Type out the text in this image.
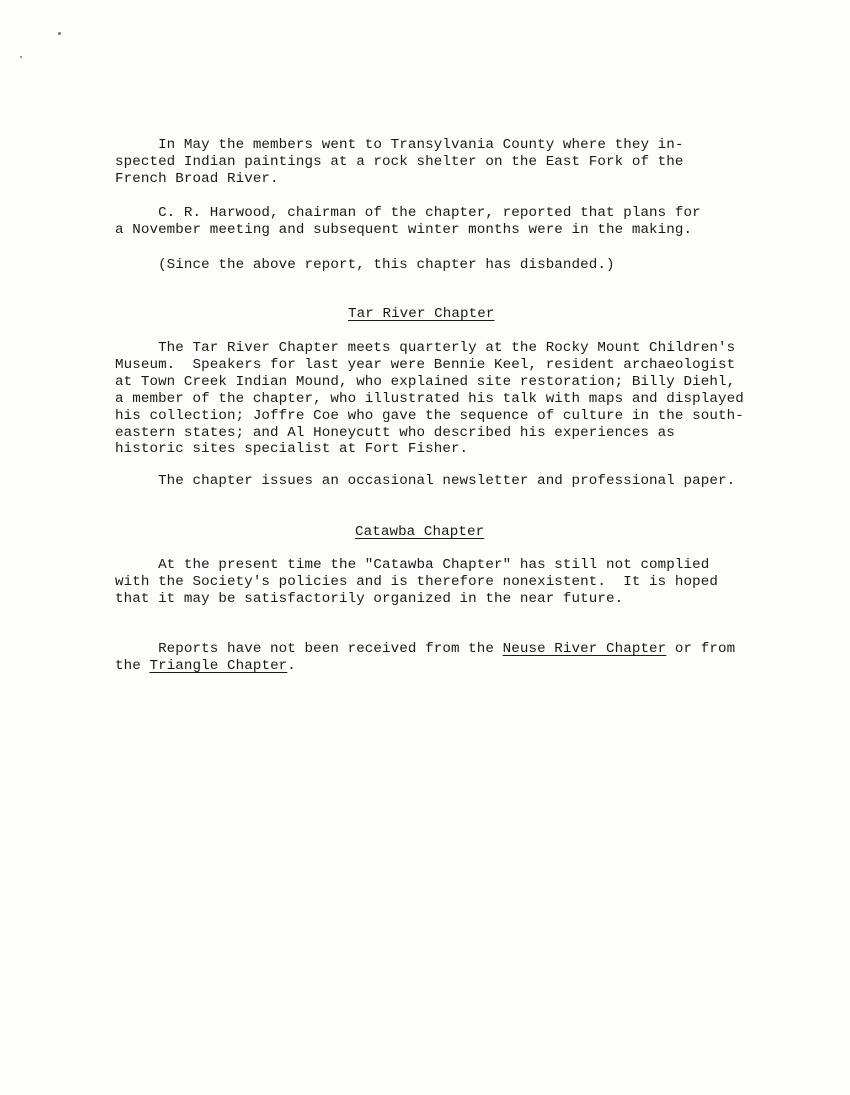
In May the members went to Transylvania County where they in-
spected Indian paintings at a rock shelter on the East Fork of the
French Broad River.
C. R. Harwood, chairman of the chapter, reported that plans for
a November meeting and subsequent winter months were in the making.
(Since the above report, this chapter has disbanded.)
Tar River Chapter
The Tar River Chapter meets quarterly at the Rocky Mount Children's
Museum.  Speakers for last year were Bennie Keel, resident archaeologist
at Town Creek Indian Mound, who explained site restoration; Billy Diehl,
a member of the chapter, who illustrated his talk with maps and displayed
his collection; Joffre Coe who gave the sequence of culture in the south-
eastern states; and Al Honeycutt who described his experiences as
historic sites specialist at Fort Fisher.
The chapter issues an occasional newsletter and professional paper.
Catawba Chapter
At the present time the "Catawba Chapter" has still not complied
with the Society's policies and is therefore nonexistent.  It is hoped
that it may be satisfactorily organized in the near future.
Reports have not been received from the Neuse River Chapter or from
the Triangle Chapter.
